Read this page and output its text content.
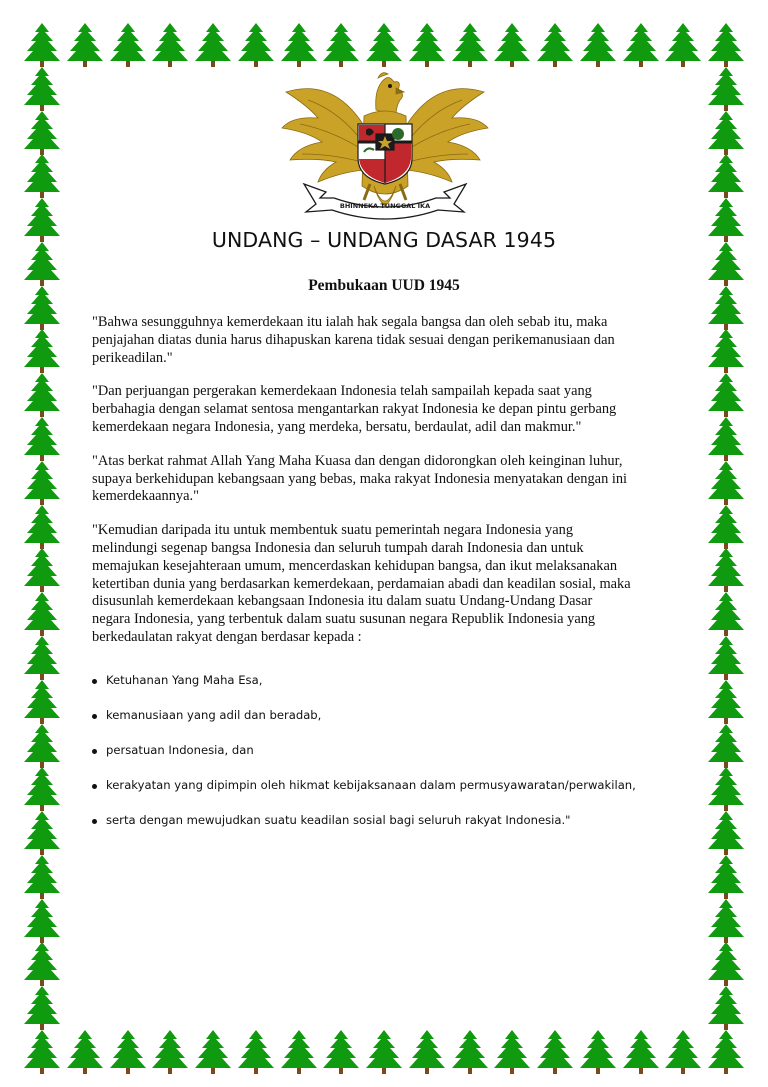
BHINNEKA TUNGGAL IKA
UNDANG – UNDANG DASAR 1945
Pembukaan UUD 1945

"Bahwa sesungguhnya kemerdekaan itu ialah hak segala bangsa dan oleh sebab itu, maka
penjajahan diatas dunia harus dihapuskan karena tidak sesuai dengan perikemanusiaan dan
perikeadilan."

"Dan perjuangan pergerakan kemerdekaan Indonesia telah sampailah kepada saat yang
berbahagia dengan selamat sentosa mengantarkan rakyat Indonesia ke depan pintu gerbang
kemerdekaan negara Indonesia, yang merdeka, bersatu, berdaulat, adil dan makmur."

"Atas berkat rahmat Allah Yang Maha Kuasa dan dengan didorongkan oleh keinginan luhur,
supaya berkehidupan kebangsaan yang bebas, maka rakyat Indonesia menyatakan dengan ini
kemerdekaannya."

"Kemudian daripada itu untuk membentuk suatu pemerintah negara Indonesia yang
melindungi segenap bangsa Indonesia dan seluruh tumpah darah Indonesia dan untuk
memajukan kesejahteraan umum, mencerdaskan kehidupan bangsa, dan ikut melaksanakan
ketertiban dunia yang berdasarkan kemerdekaan, perdamaian abadi dan keadilan sosial, maka
disusunlah kemerdekaan kebangsaan Indonesia itu dalam suatu Undang-Undang Dasar
negara Indonesia, yang terbentuk dalam suatu susunan negara Republik Indonesia yang
berkedaulatan rakyat dengan berdasar kepada :

Ketuhanan Yang Maha Esa,
kemanusiaan yang adil dan beradab,
persatuan Indonesia, dan
kerakyatan yang dipimpin oleh hikmat kebijaksanaan dalam permusyawaratan/perwakilan,
serta dengan mewujudkan suatu keadilan sosial bagi seluruh rakyat Indonesia."
